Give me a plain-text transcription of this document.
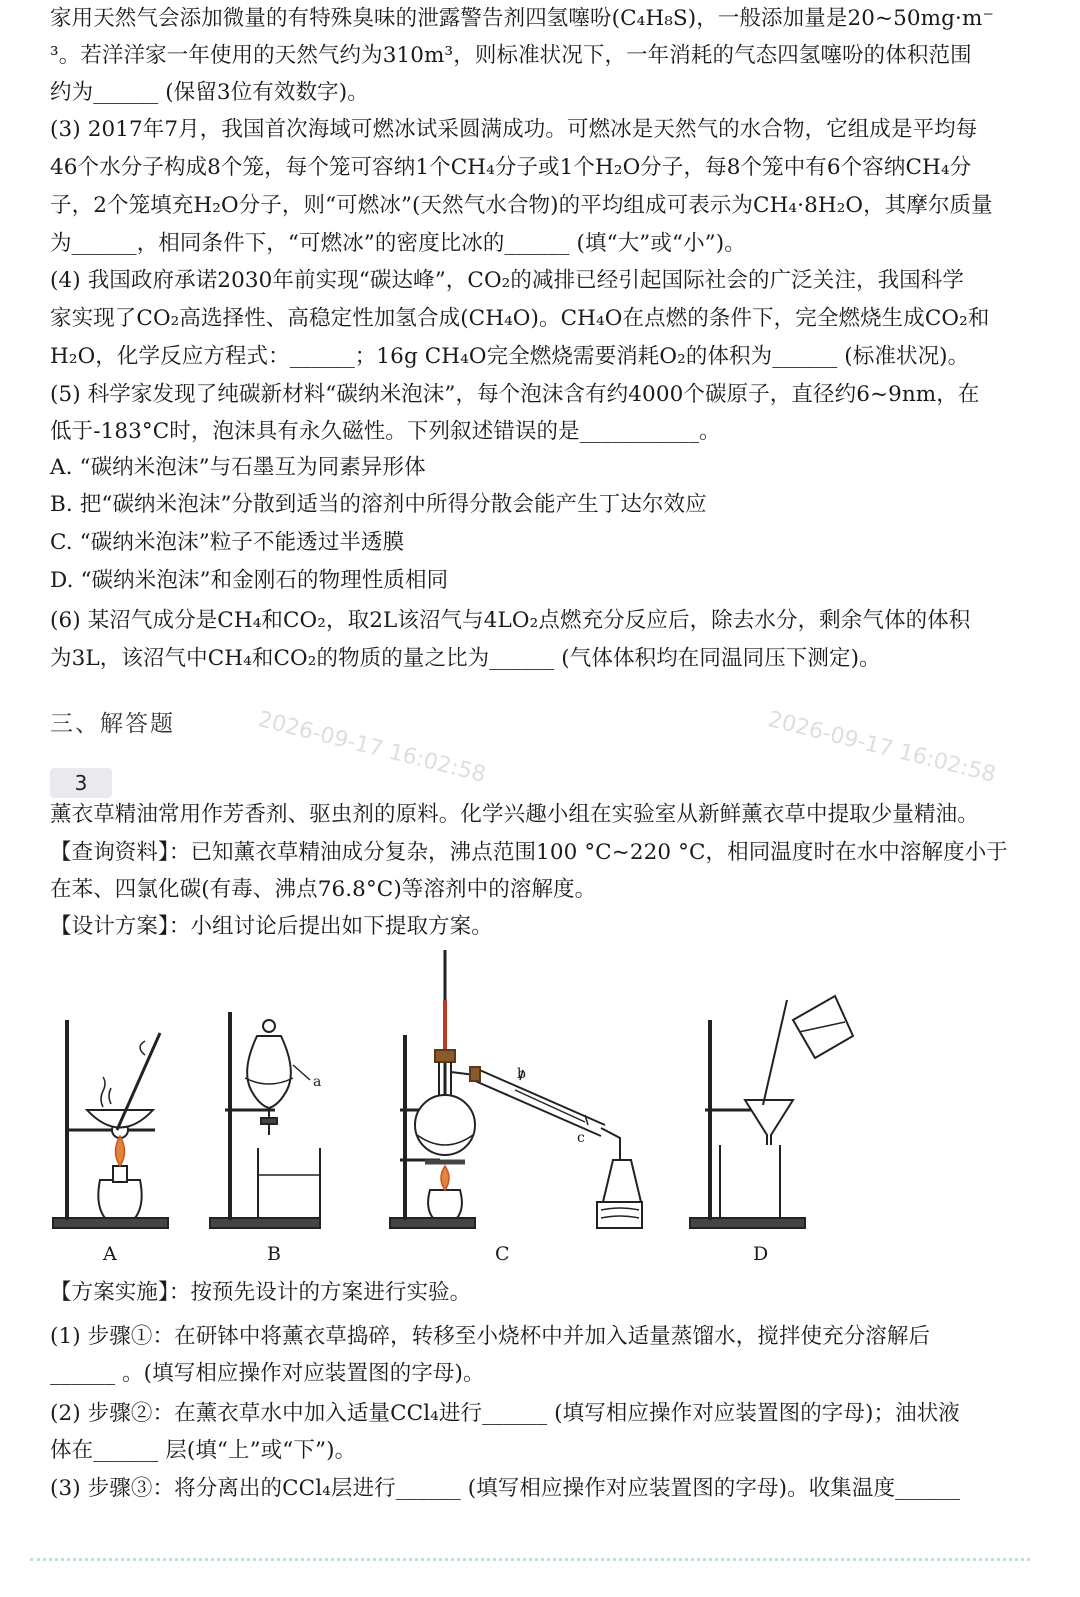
家用天然气会添加微量的有特殊臭味的泄露警告剂四氢噻吩(C₄H₈S)，一般添加量是20~50mg·m⁻
³。若洋洋家一年使用的天然气约为310m³，则标准状况下，一年消耗的气态四氢噻吩的体积范围
约为______ (保留3位有效数字)。
(3) 2017年7月，我国首次海域可燃冰试采圆满成功。可燃冰是天然气的水合物，它组成是平均每
46个水分子构成8个笼，每个笼可容纳1个CH₄分子或1个H₂O分子，每8个笼中有6个容纳CH₄分
子，2个笼填充H₂O分子，则“可燃冰”(天然气水合物)的平均组成可表示为CH₄·8H₂O，其摩尔质量
为______，相同条件下，“可燃冰”的密度比冰的______ (填“大”或“小”)。
(4) 我国政府承诺2030年前实现“碳达峰”，CO₂的减排已经引起国际社会的广泛关注，我国科学
家实现了CO₂高选择性、高稳定性加氢合成(CH₄O)。CH₄O在点燃的条件下，完全燃烧生成CO₂和
H₂O，化学反应方程式：______；16g CH₄O完全燃烧需要消耗O₂的体积为______ (标准状况)。
(5) 科学家发现了纯碳新材料“碳纳米泡沫”，每个泡沫含有约4000个碳原子，直径约6~9nm，在
低于-183°C时，泡沫具有永久磁性。下列叙述错误的是___________。
A. “碳纳米泡沫”与石墨互为同素异形体
B. 把“碳纳米泡沫”分散到适当的溶剂中所得分散会能产生丁达尔效应
C. “碳纳米泡沫”粒子不能透过半透膜
D. “碳纳米泡沫”和金刚石的物理性质相同
(6) 某沼气成分是CH₄和CO₂，取2L该沼气与4LO₂点燃充分反应后，除去水分，剩余气体的体积
为3L，该沼气中CH₄和CO₂的物质的量之比为______ (气体体积均在同温同压下测定)。
三、解答题
3
薰衣草精油常用作芳香剂、驱虫剂的原料。化学兴趣小组在实验室从新鲜薰衣草中提取少量精油。
【查询资料】：已知薰衣草精油成分复杂，沸点范围100 °C~220 °C，相同温度时在水中溶解度小于
在苯、四氯化碳(有毒、沸点76.8°C)等溶剂中的溶解度。
【设计方案】：小组讨论后提出如下提取方案。
a	b
c
A	B	C	D
【方案实施】：按预先设计的方案进行实验。
(1) 步骤①：在研钵中将薰衣草捣碎，转移至小烧杯中并加入适量蒸馏水，搅拌使充分溶解后
______ 。(填写相应操作对应装置图的字母)。
(2) 步骤②：在薰衣草水中加入适量CCl₄进行______ (填写相应操作对应装置图的字母)；油状液
体在______ 层(填“上”或“下”)。
(3) 步骤③：将分离出的CCl₄层进行______ (填写相应操作对应装置图的字母)。收集温度______
2026-09-17 16:02:58	2026-09-17 16:02:58
